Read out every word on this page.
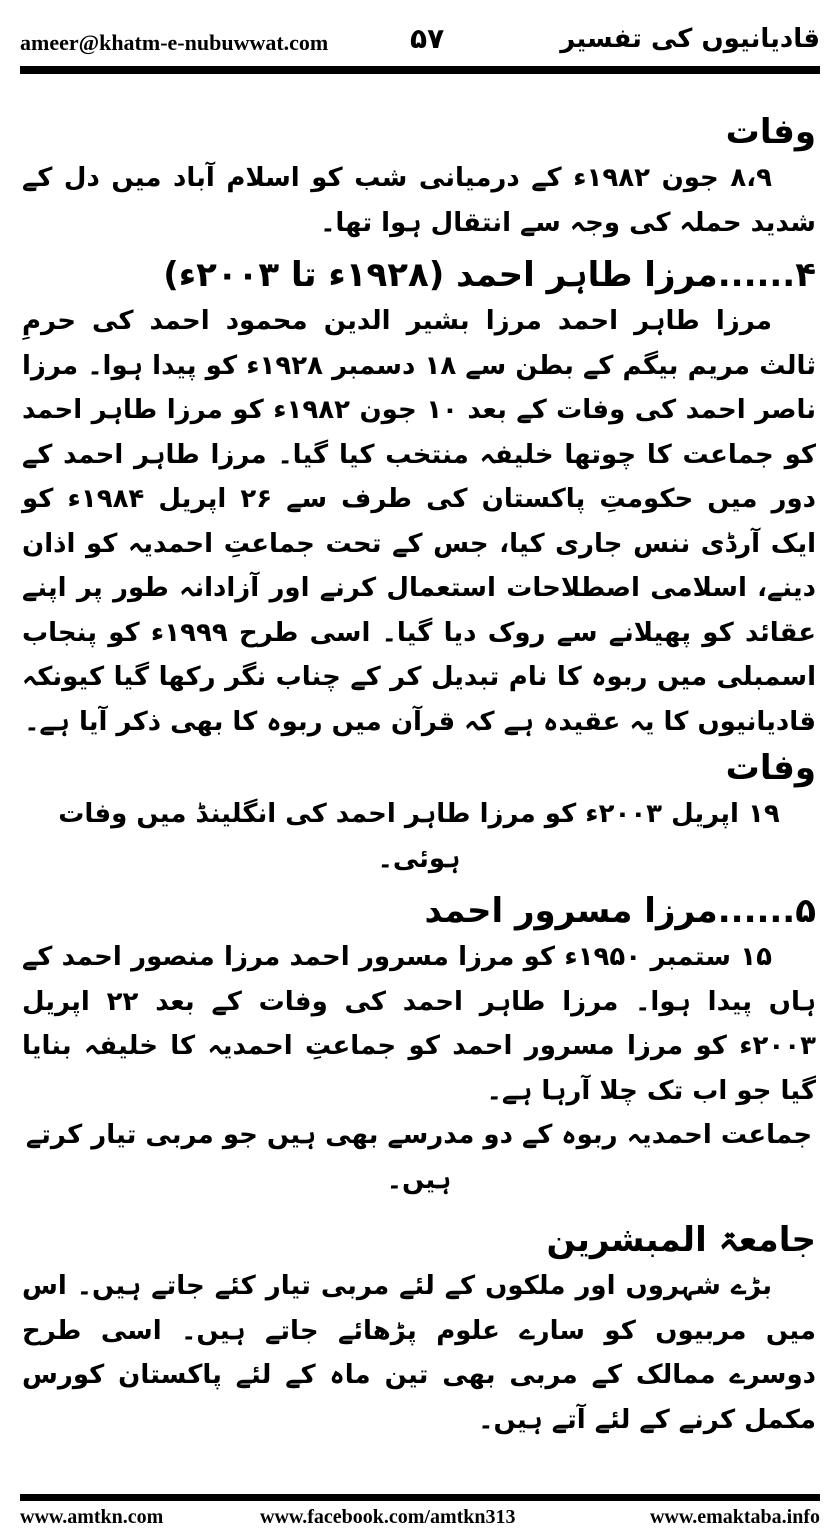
ameer@khatm-e-nubuwwat.com	۵۷	قادیانیوں کی تفسیر
وفات

۸،۹ جون ۱۹۸۲ء کے درمیانی شب کو اسلام آباد میں دل کے شدید حملہ کی وجہ سے انتقال ہوا تھا۔

۴......مرزا طاہر احمد (۱۹۲۸ء تا ۲۰۰۳ء)

مرزا طاہر احمد مرزا بشیر الدین محمود احمد کی حرمِ ثالث مریم بیگم کے بطن سے ۱۸ دسمبر ۱۹۲۸ء کو پیدا ہوا۔ مرزا ناصر احمد کی وفات کے بعد ۱۰ جون ۱۹۸۲ء کو مرزا طاہر احمد کو جماعت کا چوتھا خلیفہ منتخب کیا گیا۔ مرزا طاہر احمد کے دور میں حکومتِ پاکستان کی طرف سے ۲۶ اپریل ۱۹۸۴ء کو ایک آرڈی ننس جاری کیا، جس کے تحت جماعتِ احمدیہ کو اذان دینے، اسلامی اصطلاحات استعمال کرنے اور آزادانہ طور پر اپنے عقائد کو پھیلانے سے روک دیا گیا۔ اسی طرح ۱۹۹۹ء کو پنجاب اسمبلی میں ربوہ کا نام تبدیل کر کے چناب نگر رکھا گیا کیونکہ قادیانیوں کا یہ عقیدہ ہے کہ قرآن میں ربوہ کا بھی ذکر آیا ہے۔

وفات

۱۹ اپریل ۲۰۰۳ء کو مرزا طاہر احمد کی انگلینڈ میں وفات ہوئی۔

۵......مرزا مسرور احمد

۱۵ ستمبر ۱۹۵۰ء کو مرزا مسرور احمد مرزا منصور احمد کے ہاں پیدا ہوا۔ مرزا طاہر احمد کی وفات کے بعد ۲۲ اپریل ۲۰۰۳ء کو مرزا مسرور احمد کو جماعتِ احمدیہ کا خلیفہ بنایا گیا جو اب تک چلا آرہا ہے۔

جماعت احمدیہ ربوہ کے دو مدرسے بھی ہیں جو مربی تیار کرتے ہیں۔

جامعۃ المبشرین

بڑے شہروں اور ملکوں کے لئے مربی تیار کئے جاتے ہیں۔ اس میں مربیوں کو سارے علوم پڑھائے جاتے ہیں۔ اسی طرح دوسرے ممالک کے مربی بھی تین ماہ کے لئے پاکستان کورس مکمل کرنے کے لئے آتے ہیں۔

www.amtkn.com	www.facebook.com/amtkn313	www.emaktaba.info
